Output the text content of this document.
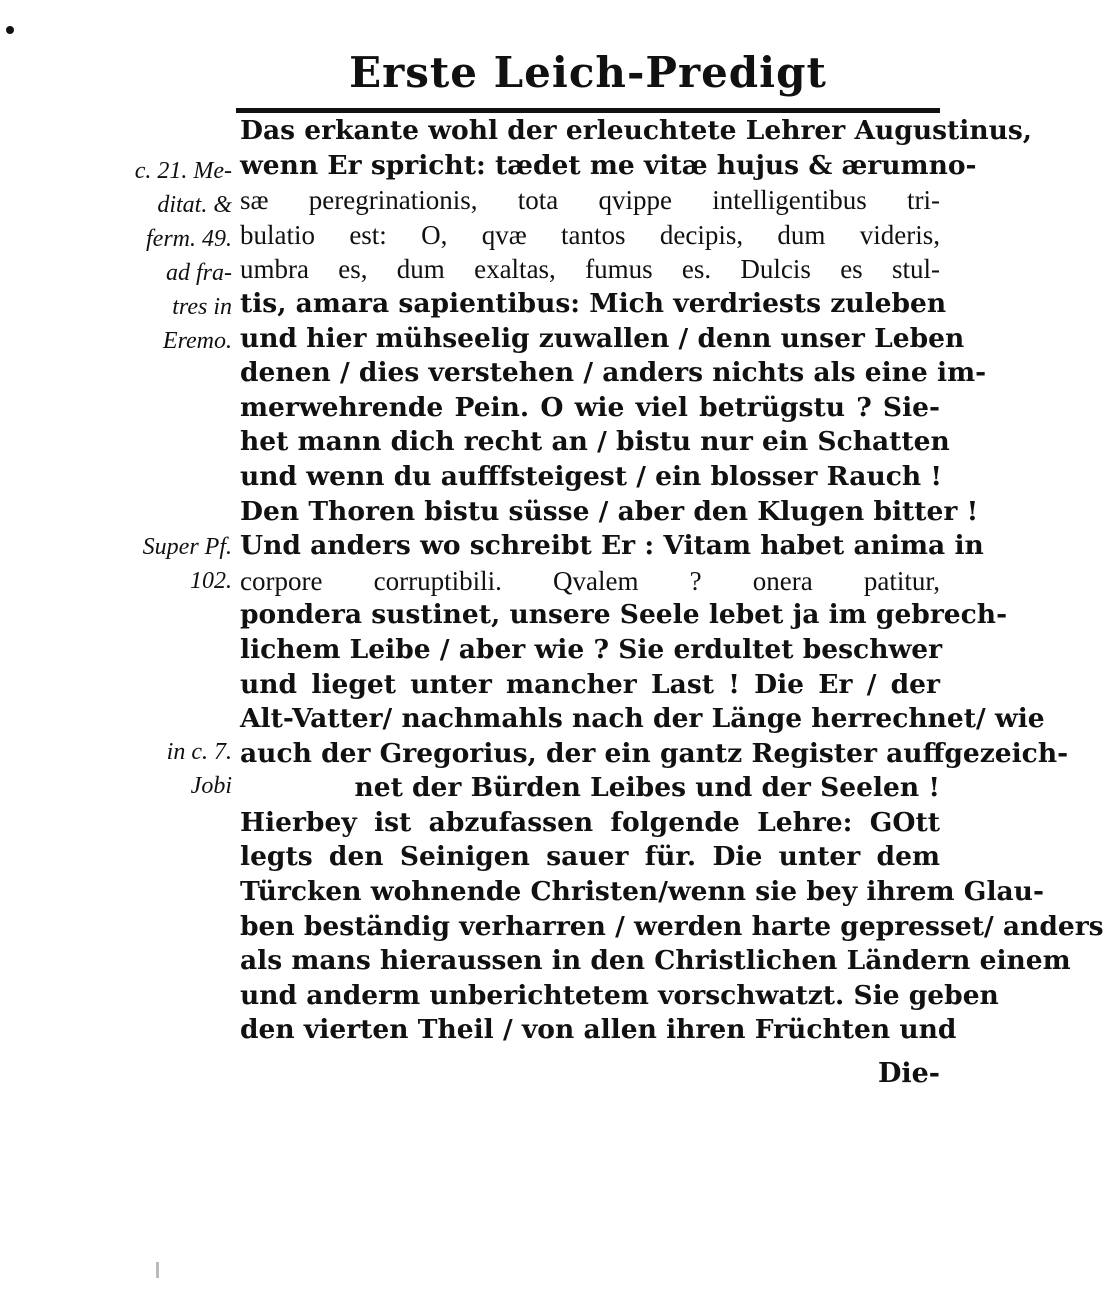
Erste Leich-Predigt
c. 21. Me-
ditat. &
ferm. 49.
ad fra-
tres in
Eremo.
Super Pf.
102.
in c. 7.
Jobi
Das erkante wohl der erleuchtete Lehrer Augustinus,
wenn Er spricht: tædet me vitæ hujus & ærumno-
sæ peregrinationis, tota qvippe intelligentibus tri-
bulatio est: O, qvæ tantos decipis, dum videris,
umbra es, dum exaltas, fumus es. Dulcis es stul-
tis, amara sapientibus: Mich verdriests zuleben
und hier mühseelig zuwallen / denn unser Leben
denen / dies verstehen / anders nichts als eine im-
merwehrende Pein. O wie viel betrügstu ? Sie-
het mann dich recht an / bistu nur ein Schatten
und wenn du aufffsteigest / ein blosser Rauch !
Den Thoren bistu süsse / aber den Klugen bitter !
Und anders wo schreibt Er : Vitam habet anima in
corpore corruptibili. Qvalem ? onera patitur,
pondera sustinet, unsere Seele lebet ja im gebrech-
lichem Leibe / aber wie ? Sie erdultet beschwer
und lieget unter mancher Last ! Die Er / der
Alt-Vatter/ nachmahls nach der Länge herrechnet/ wie
auch der Gregorius, der ein gantz Register auffgezeich-
net der Bürden Leibes und der Seelen !
Hierbey ist abzufassen folgende Lehre: GOtt
legts den Seinigen sauer für. Die unter dem
Türcken wohnende Christen/wenn sie bey ihrem Glau-
ben beständig verharren / werden harte gepresset/ anders
als mans hieraussen in den Christlichen Ländern einem
und anderm unberichtetem vorschwatzt. Sie geben
den vierten Theil / von allen ihren Früchten und
Die-
